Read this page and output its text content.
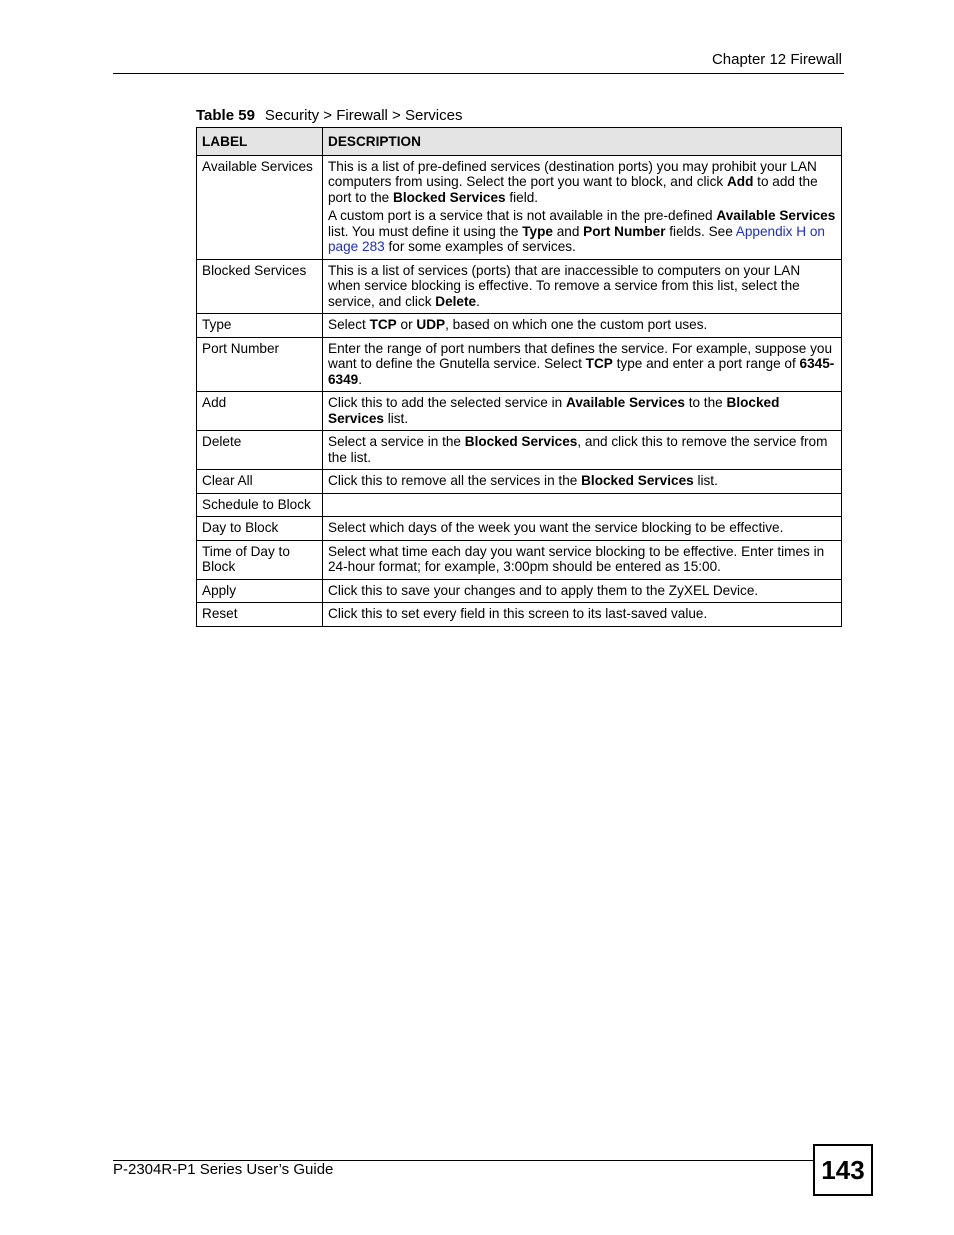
Chapter 12 Firewall
Table 59 Security > Firewall > Services
LABEL	DESCRIPTION
Available Services	This is a list of pre-defined services (destination ports) you may prohibit your LAN computers from using. Select the port you want to block, and click Add to add the port to the Blocked Services field.

A custom port is a service that is not available in the pre-defined Available Services list. You must define it using the Type and Port Number fields. See Appendix H on page 283 for some examples of services.

Blocked Services	This is a list of services (ports) that are inaccessible to computers on your LAN when service blocking is effective. To remove a service from this list, select the service, and click Delete.

Type	Select TCP or UDP, based on which one the custom port uses.

Port Number	Enter the range of port numbers that defines the service. For example, suppose you want to define the Gnutella service. Select TCP type and enter a port range of 6345-6349.

Add	Click this to add the selected service in Available Services to the Blocked Services list.

Delete	Select a service in the Blocked Services, and click this to remove the service from the list.

Clear All	Click this to remove all the services in the Blocked Services list.

Schedule to Block	
Day to Block	Select which days of the week you want the service blocking to be effective.

Time of Day to Block	Select what time each day you want service blocking to be effective. Enter times in 24-hour format; for example, 3:00pm should be entered as 15:00.

Apply	Click this to save your changes and to apply them to the ZyXEL Device.

Reset	Click this to set every field in this screen to its last-saved value.

P-2304R-P1 Series User’s Guide	143
